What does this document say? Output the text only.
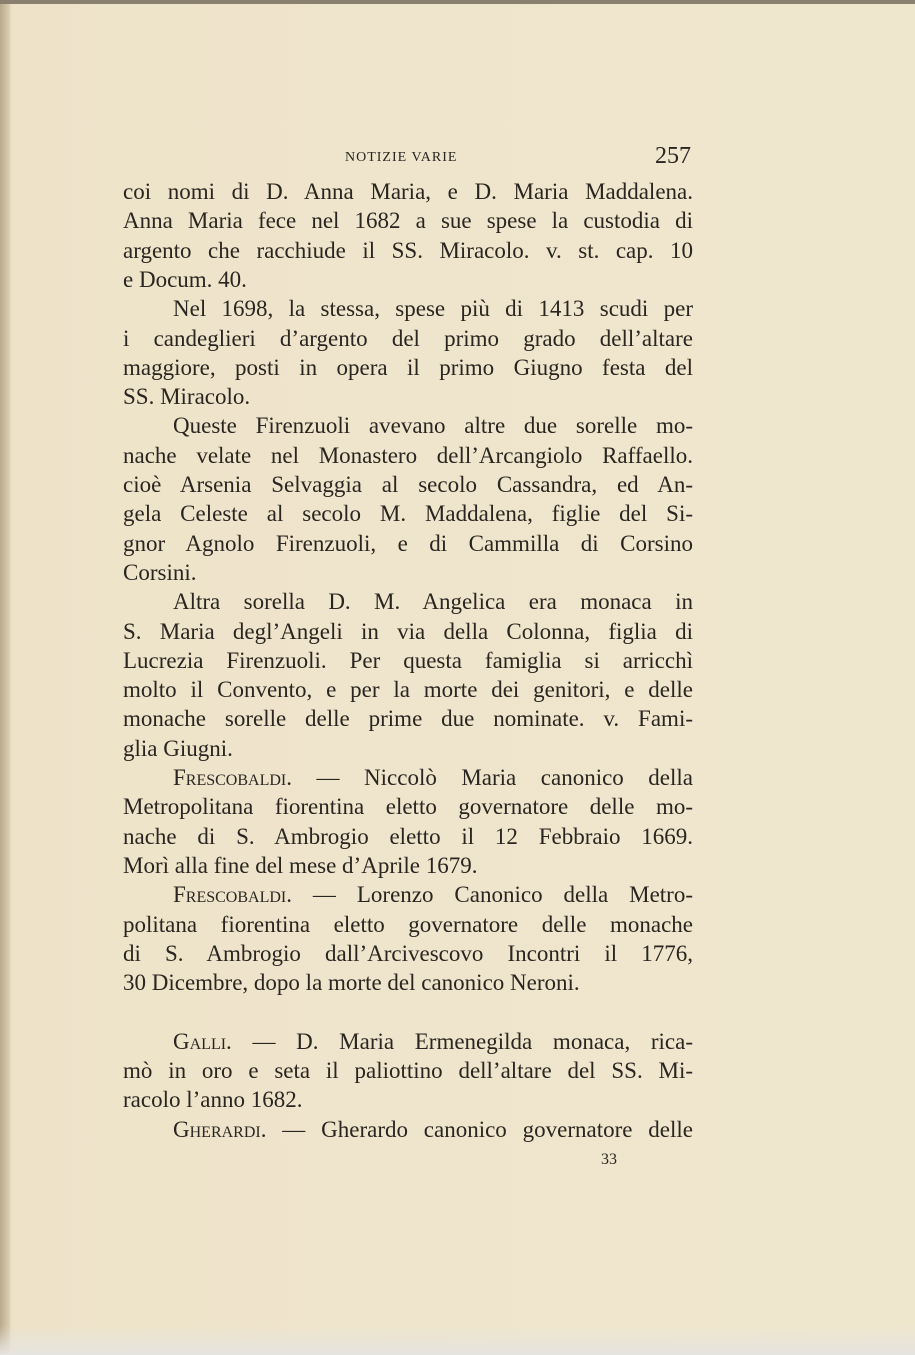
NOTIZIE VARIE	257
coi nomi di D. Anna Maria, e D. Maria Maddalena.
Anna Maria fece nel 1682 a sue spese la custodia di
argento che racchiude il SS. Miracolo. v. st. cap. 10
e Docum. 40.
Nel 1698, la stessa, spese più di 1413 scudi per
i candeglieri d’argento del primo grado dell’altare
maggiore, posti in opera il primo Giugno festa del
SS. Miracolo.
Queste Firenzuoli avevano altre due sorelle mo-
nache velate nel Monastero dell’Arcangiolo Raffaello.
cioè Arsenia Selvaggia al secolo Cassandra, ed An-
gela Celeste al secolo M. Maddalena, figlie del Si-
gnor Agnolo Firenzuoli, e di Cammilla di Corsino
Corsini.
Altra sorella D. M. Angelica era monaca in
S. Maria degl’Angeli in via della Colonna, figlia di
Lucrezia Firenzuoli. Per questa famiglia si arricchì
molto il Convento, e per la morte dei genitori, e delle
monache sorelle delle prime due nominate. v. Fami-
glia Giugni.
Frescobaldi. — Niccolò Maria canonico della
Metropolitana fiorentina eletto governatore delle mo-
nache di S. Ambrogio eletto il 12 Febbraio 1669.
Morì alla fine del mese d’Aprile 1679.
Frescobaldi. — Lorenzo Canonico della Metro-
politana fiorentina eletto governatore delle monache
di S. Ambrogio dall’Arcivescovo Incontri il 1776,
30 Dicembre, dopo la morte del canonico Neroni.
Galli. — D. Maria Ermenegilda monaca, rica-
mò in oro e seta il paliottino dell’altare del SS. Mi-
racolo l’anno 1682.
Gherardi. — Gherardo canonico governatore delle
33
